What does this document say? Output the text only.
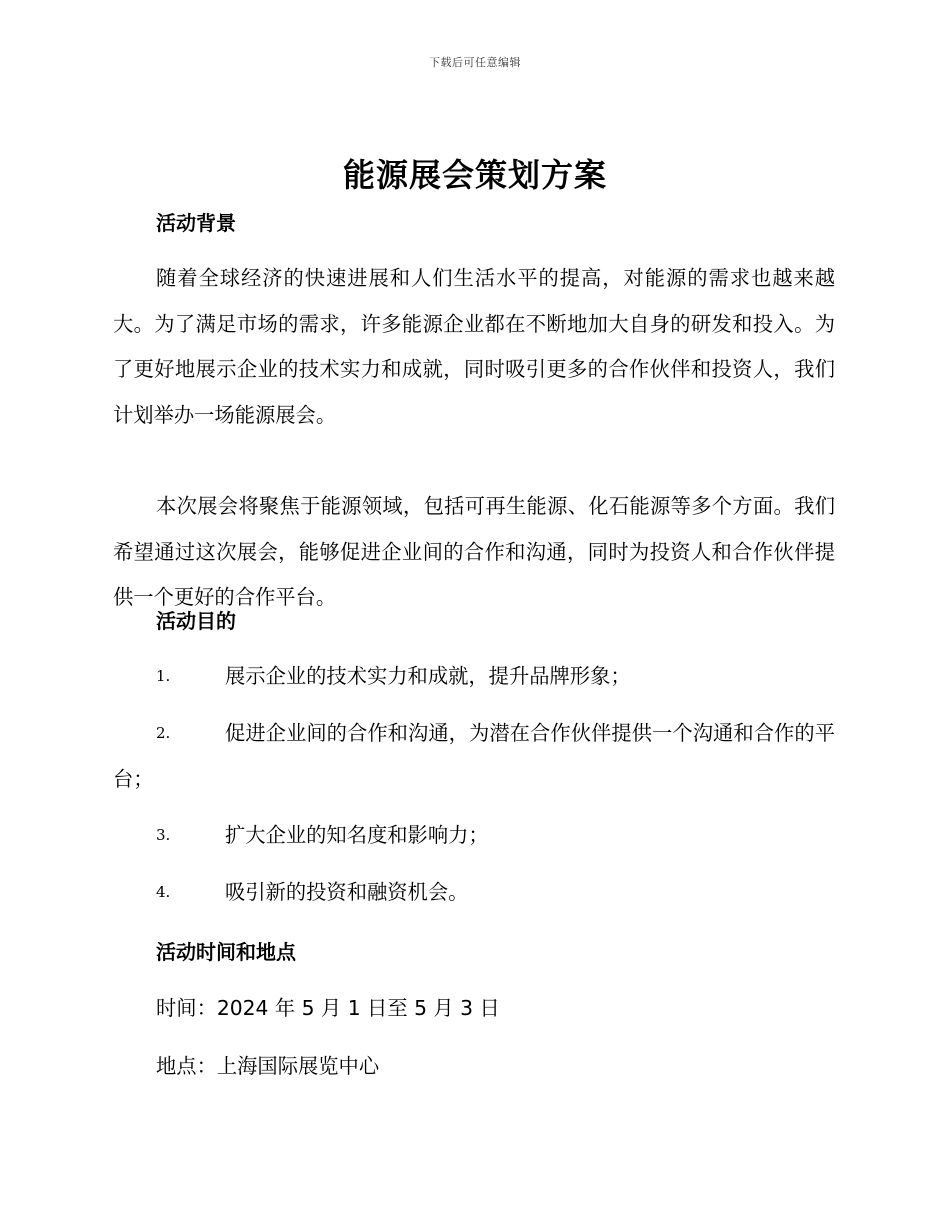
下载后可任意编辑
能源展会策划方案
活动背景
随着全球经济的快速进展和人们生活水平的提高，对能源的需求也越来越大。为了满足市场的需求，许多能源企业都在不断地加大自身的研发和投入。为了更好地展示企业的技术实力和成就，同时吸引更多的合作伙伴和投资人，我们计划举办一场能源展会。
本次展会将聚焦于能源领域，包括可再生能源、化石能源等多个方面。我们希望通过这次展会，能够促进企业间的合作和沟通，同时为投资人和合作伙伴提供一个更好的合作平台。
活动目的
1.	展示企业的技术实力和成就，提升品牌形象；
2.	促进企业间的合作和沟通，为潜在合作伙伴提供一个沟通和合作的平台；
3.	扩大企业的知名度和影响力；
4.	吸引新的投资和融资机会。
活动时间和地点
时间：2024 年 5 月 1 日至 5 月 3 日
地点：上海国际展览中心
